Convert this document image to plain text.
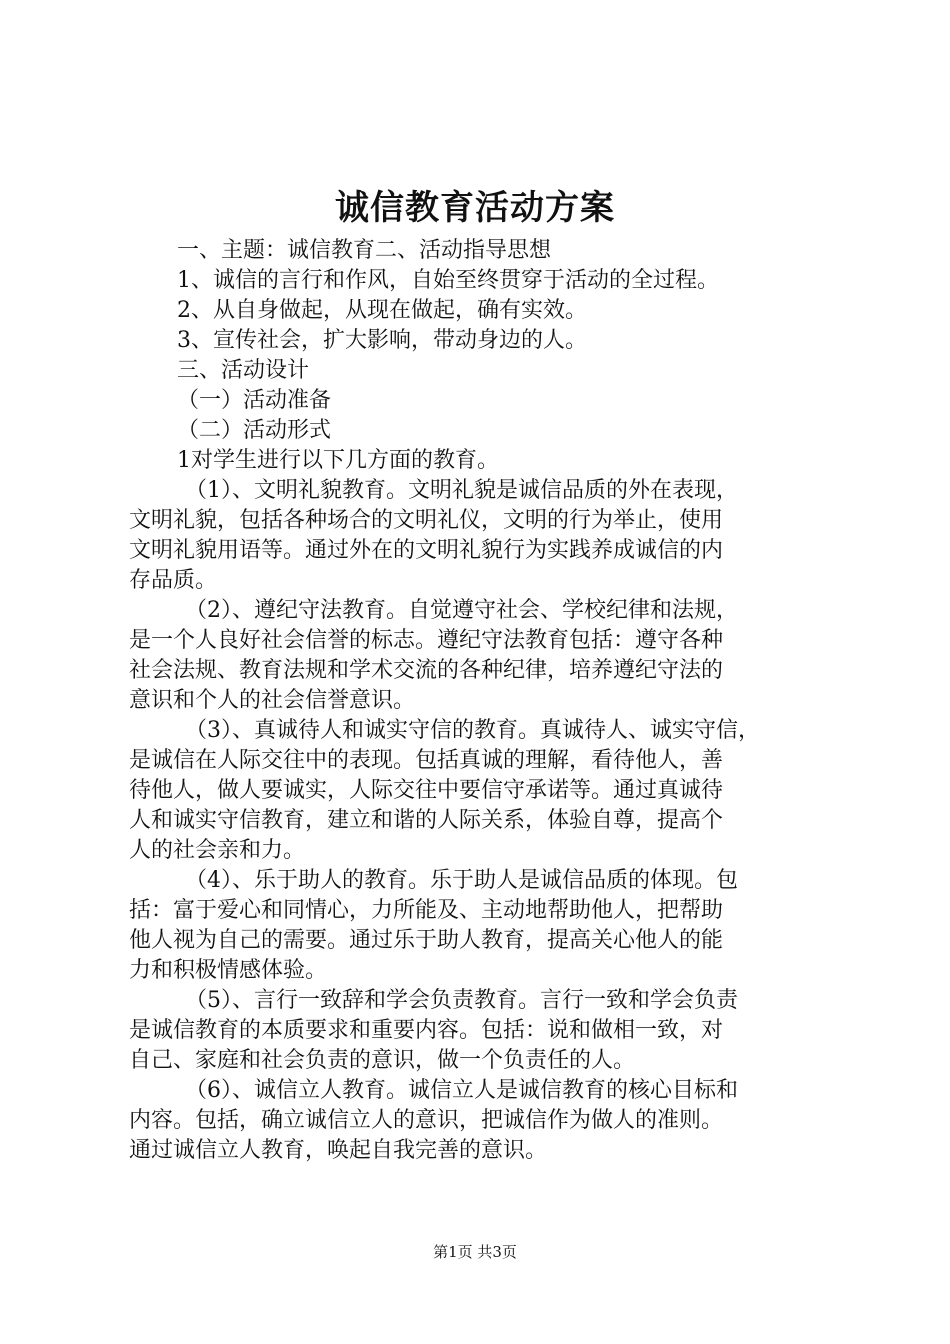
诚信教育活动方案
一、主题：诚信教育二、活动指导思想
1、诚信的言行和作风，自始至终贯穿于活动的全过程。
2、从自身做起，从现在做起，确有实效。
3、宣传社会，扩大影响，带动身边的人。
三、活动设计
（一）活动准备
（二）活动形式
1对学生进行以下几方面的教育。
（1）、文明礼貌教育。文明礼貌是诚信品质的外在表现，
文明礼貌，包括各种场合的文明礼仪，文明的行为举止，使用
文明礼貌用语等。通过外在的文明礼貌行为实践养成诚信的内
存品质。
（2）、遵纪守法教育。自觉遵守社会、学校纪律和法规，
是一个人良好社会信誉的标志。遵纪守法教育包括：遵守各种
社会法规、教育法规和学术交流的各种纪律，培养遵纪守法的
意识和个人的社会信誉意识。
（3）、真诚待人和诚实守信的教育。真诚待人、诚实守信，
是诚信在人际交往中的表现。包括真诚的理解，看待他人，善
待他人，做人要诚实，人际交往中要信守承诺等。通过真诚待
人和诚实守信教育，建立和谐的人际关系，体验自尊，提高个
人的社会亲和力。
（4）、乐于助人的教育。乐于助人是诚信品质的体现。包
括：富于爱心和同情心，力所能及、主动地帮助他人，把帮助
他人视为自己的需要。通过乐于助人教育，提高关心他人的能
力和积极情感体验。
（5）、言行一致辞和学会负责教育。言行一致和学会负责
是诚信教育的本质要求和重要内容。包括：说和做相一致，对
自己、家庭和社会负责的意识，做一个负责任的人。
（6）、诚信立人教育。诚信立人是诚信教育的核心目标和
内容。包括，确立诚信立人的意识，把诚信作为做人的准则。
通过诚信立人教育，唤起自我完善的意识。
第1页 共3页
